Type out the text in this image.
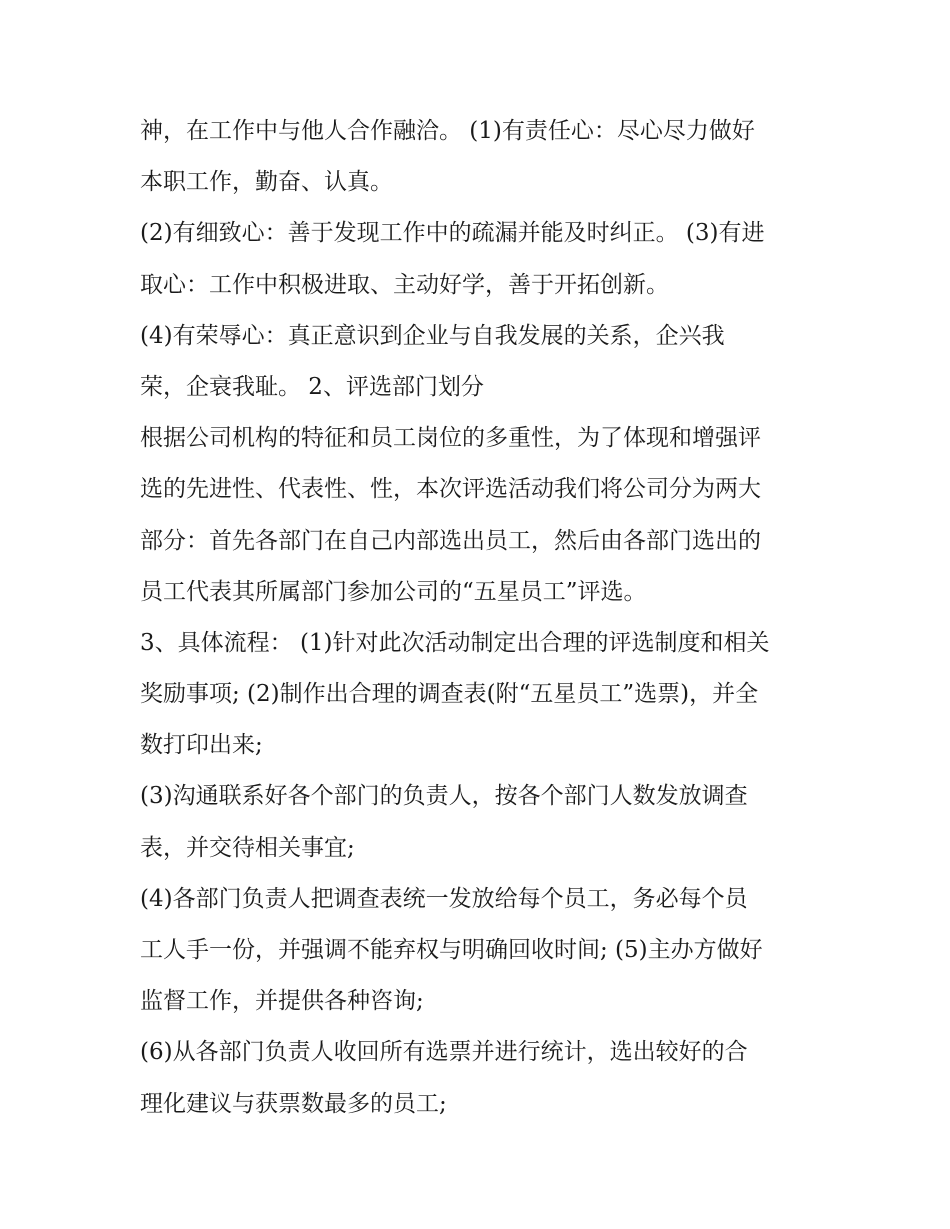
神，在工作中与他人合作融洽。 (1)有责任心：尽心尽力做好
本职工作，勤奋、认真。
(2)有细致心：善于发现工作中的疏漏并能及时纠正。 (3)有进
取心：工作中积极进取、主动好学，善于开拓创新。
(4)有荣辱心：真正意识到企业与自我发展的关系，企兴我
荣，企衰我耻。 2、评选部门划分
根据公司机构的特征和员工岗位的多重性，为了体现和增强评
选的先进性、代表性、性，本次评选活动我们将公司分为两大
部分：首先各部门在自己内部选出员工，然后由各部门选出的
员工代表其所属部门参加公司的“五星员工”评选。
3、具体流程： (1)针对此次活动制定出合理的评选制度和相关
奖励事项; (2)制作出合理的调查表(附“五星员工”选票)，并全
数打印出来;
(3)沟通联系好各个部门的负责人，按各个部门人数发放调查
表，并交待相关事宜;
(4)各部门负责人把调查表统一发放给每个员工，务必每个员
工人手一份，并强调不能弃权与明确回收时间; (5)主办方做好
监督工作，并提供各种咨询;
(6)从各部门负责人收回所有选票并进行统计，选出较好的合
理化建议与获票数最多的员工;
